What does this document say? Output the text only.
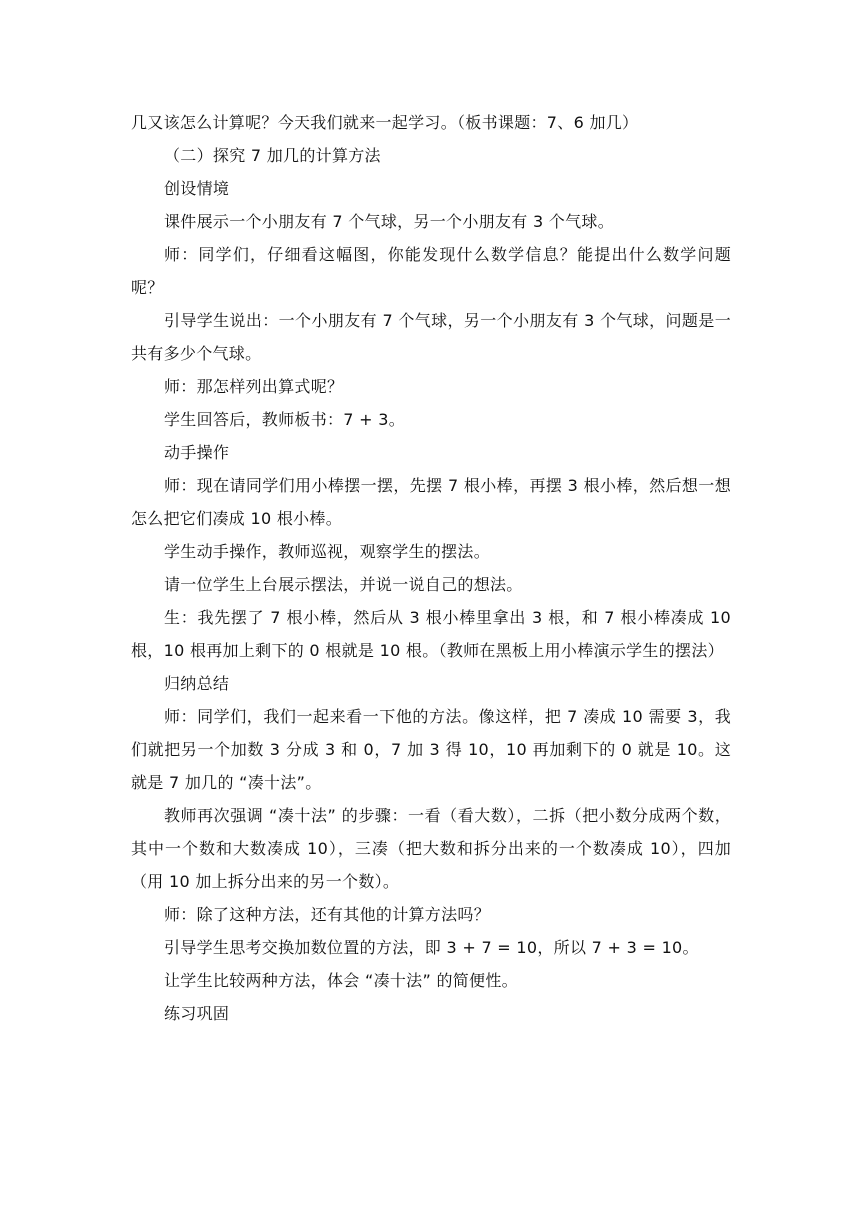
几又该怎么计算呢？今天我们就来一起学习。（板书课题：7、6 加几）

（二）探究 7 加几的计算方法

创设情境

课件展示一个小朋友有 7 个气球，另一个小朋友有 3 个气球。

师：同学们，仔细看这幅图，你能发现什么数学信息？能提出什么数学问题呢？

引导学生说出：一个小朋友有 7 个气球，另一个小朋友有 3 个气球，问题是一共有多少个气球。

师：那怎样列出算式呢？

学生回答后，教师板书：7 + 3。

动手操作

师：现在请同学们用小棒摆一摆，先摆 7 根小棒，再摆 3 根小棒，然后想一想怎么把它们凑成 10 根小棒。

学生动手操作，教师巡视，观察学生的摆法。

请一位学生上台展示摆法，并说一说自己的想法。

生：我先摆了 7 根小棒，然后从 3 根小棒里拿出 3 根，和 7 根小棒凑成 10 根，10 根再加上剩下的 0 根就是 10 根。（教师在黑板上用小棒演示学生的摆法）

归纳总结

师：同学们，我们一起来看一下他的方法。像这样，把 7 凑成 10 需要 3，我们就把另一个加数 3 分成 3 和 0，7 加 3 得 10，10 再加剩下的 0 就是 10。这就是 7 加几的 “凑十法”。

教师再次强调 “凑十法” 的步骤：一看（看大数），二拆（把小数分成两个数，其中一个数和大数凑成 10），三凑（把大数和拆分出来的一个数凑成 10），四加（用 10 加上拆分出来的另一个数）。

师：除了这种方法，还有其他的计算方法吗？

引导学生思考交换加数位置的方法，即 3 + 7 = 10，所以 7 + 3 = 10。

让学生比较两种方法，体会 “凑十法” 的简便性。

练习巩固
